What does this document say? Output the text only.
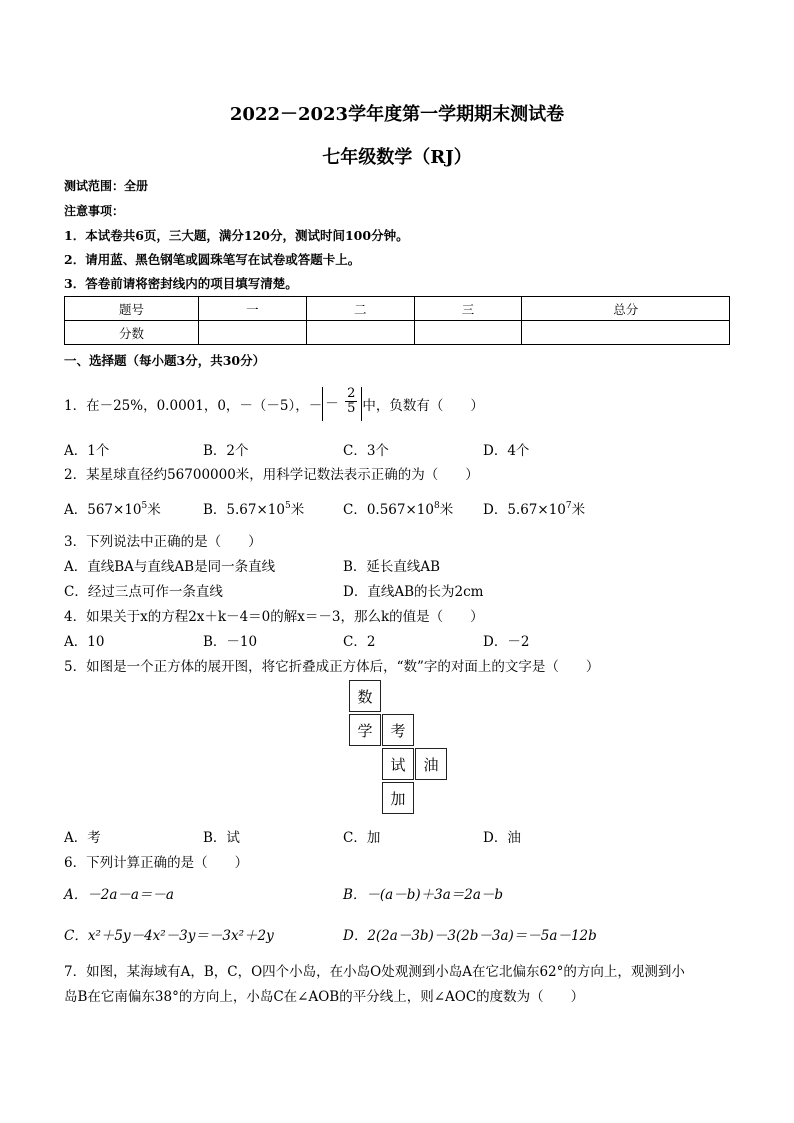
2022－2023学年度第一学期期末测试卷
七年级数学（RJ）
测试范围：全册
注意事项：
1．本试卷共6页，三大题，满分120分，测试时间100分钟。
2．请用蓝、黑色钢笔或圆珠笔写在试卷或答题卡上。
3．答卷前请将密封线内的项目填写清楚。
题号	一	二	三	总分
分数				
一、选择题（每小题3分，共30分）
1．在－25%，0.0001，0，－（－5），－ － $\frac{2}{5}$ 中，负数有（　　）
A．1个	B．2个	C．3个	D．4个
2．某星球直径约56700000米，用科学记数法表示正确的为（　　）
A．$567\times 10^5$米	B．$5.67\times 10^5$米	C．$0.567\times 10^8$米 D．$5.67\times 10^7$米
3．下列说法中正确的是（　　）
A．直线BA与直线AB是同一条直线	B．延长直线AB
C．经过三点可作一条直线	D．直线AB的长为2cm
4．如果关于x的方程2x＋k－4＝0的解x＝－3，那么k的值是（　　）
A．10	B．－10	C．2	D．－2
5．如图是一个正方体的展开图，将它折叠成正方体后，“数”字的对面上的文字是（　　）
数
学	考
试	油
加
A．考	B．试	C．加	D．油
6．下列计算正确的是（　　）
A．－2a－a＝－a	B．－(a－b)＋3a＝2a－b
C．x²＋5y－4x²－3y＝－3x²＋2y	D．2(2a－3b)－3(2b－3a)＝－5a－12b
7．如图，某海域有A，B，C，O四个小岛，在小岛O处观测到小岛A在它北偏东62°的方向上，观测到小
岛B在它南偏东38°的方向上，小岛C在∠AOB的平分线上，则∠AOC的度数为（　　）
